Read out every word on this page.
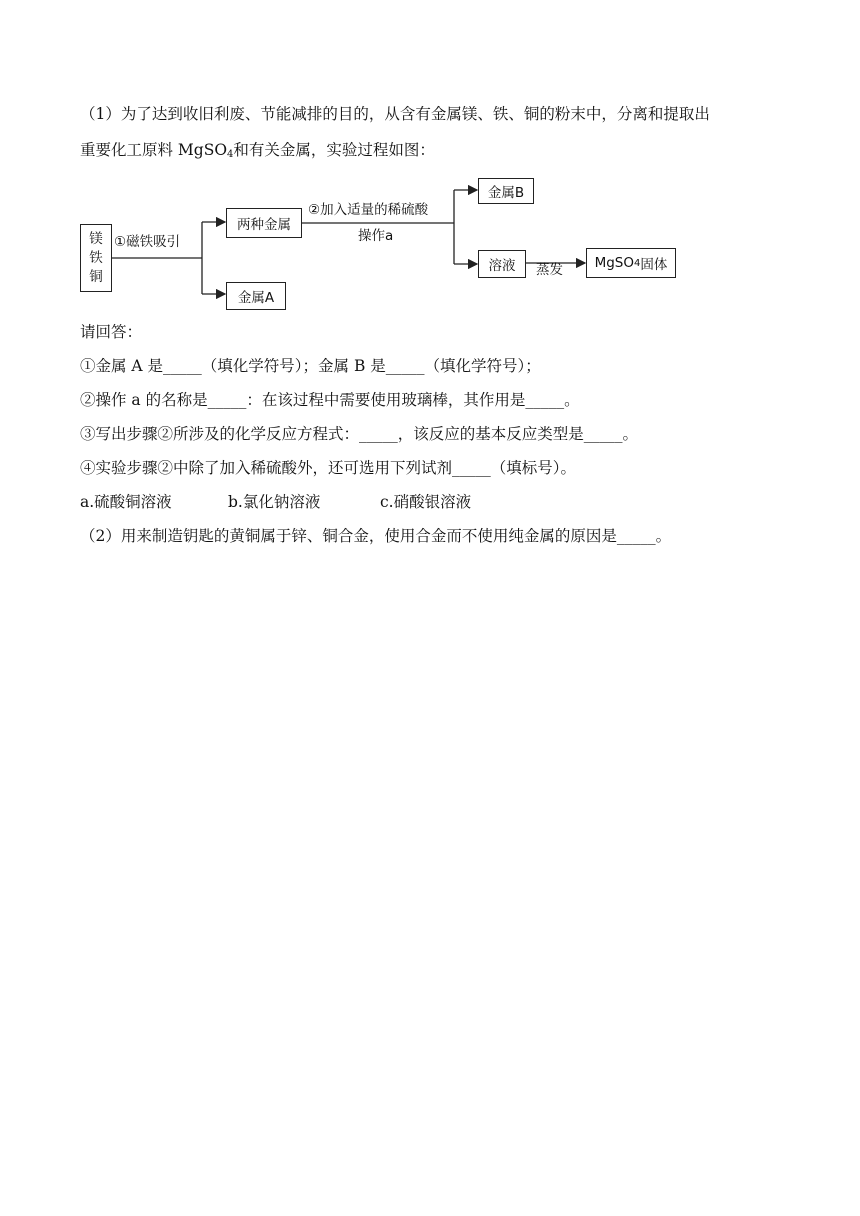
（1）为了达到收旧利废、节能减排的目的，从含有金属镁、铁、铜的粉末中，分离和提取出
重要化工原料 MgSO$_4$和有关金属，实验过程如图：
镁
铁
铜
①磁铁吸引
两种金属
金属A
②加入适量的稀硫酸
操作a
金属B
溶液	蒸发 MgSO 4 固体
请回答：
①金属 A 是_____（填化学符号）；金属 B 是_____（填化学符号）；
②操作 a 的名称是_____：在该过程中需要使用玻璃棒，其作用是_____。
③写出步骤②所涉及的化学反应方程式：_____，该反应的基本反应类型是_____。
④实验步骤②中除了加入稀硫酸外，还可选用下列试剂_____（填标号）。
a.硫酸铜溶液	b.氯化钠溶液	c.硝酸银溶液
（2）用来制造钥匙的黄铜属于锌、铜合金，使用合金而不使用纯金属的原因是_____。
